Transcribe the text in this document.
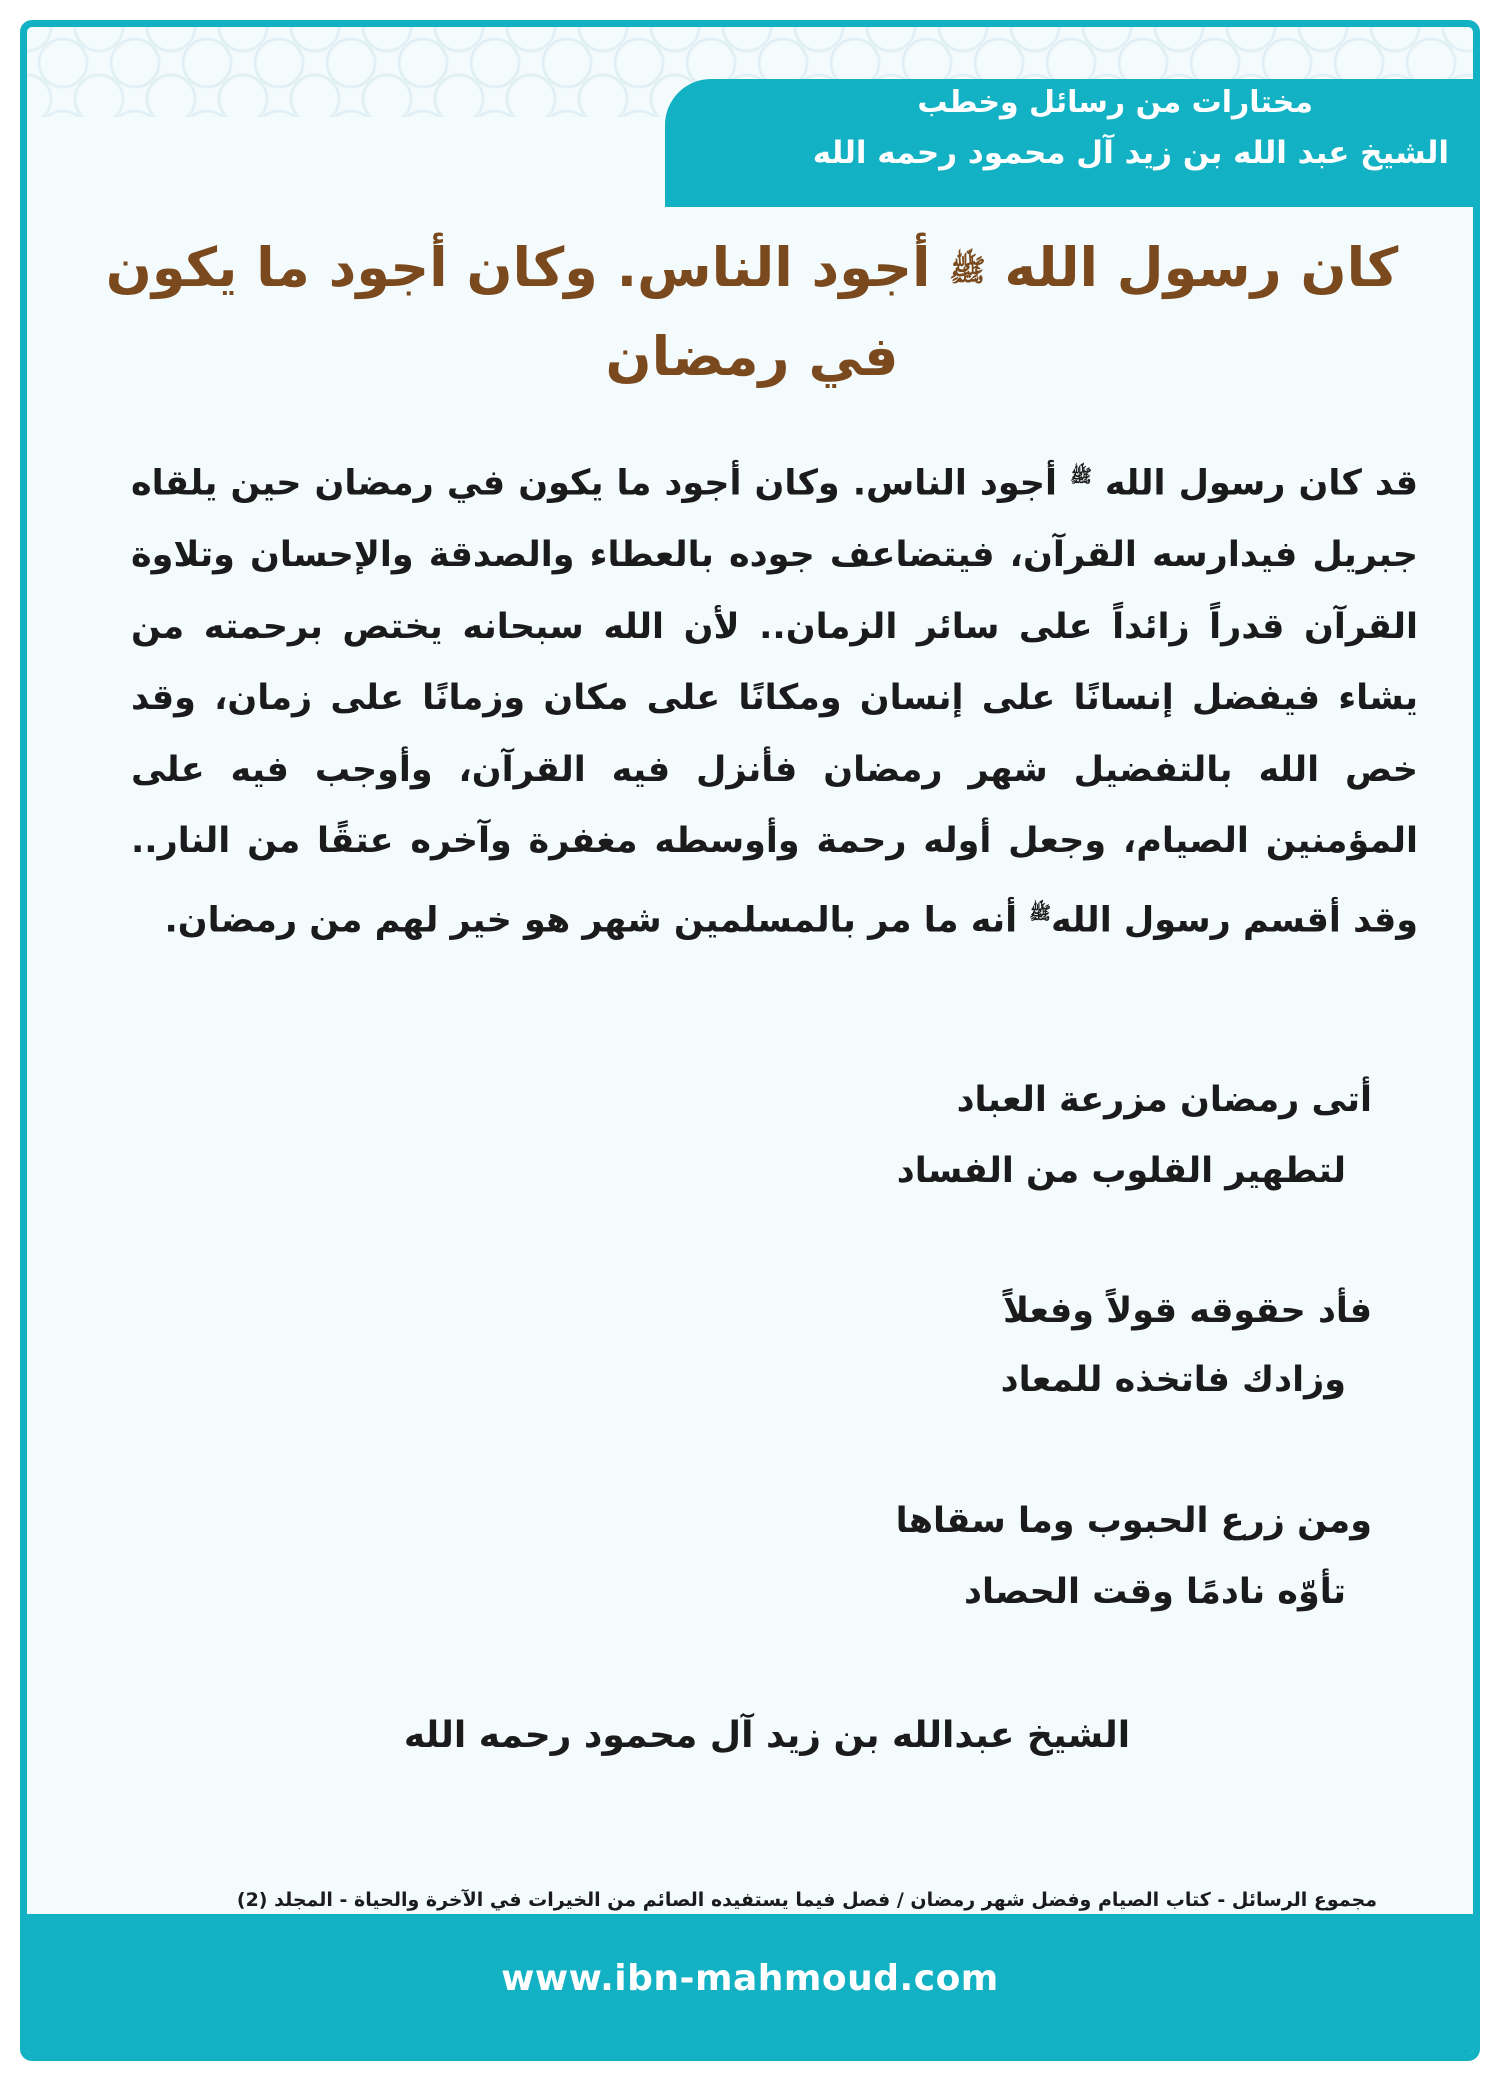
مختارات من رسائل وخطب
الشيخ عبد الله بن زيد آل محمود رحمه الله
كان رسول الله ﷺ أجود الناس. وكان أجود ما يكون في رمضان
قد كان رسول الله $^ﷺ$ أجود الناس. وكان أجود ما يكون في رمضان حين يلقاه جبريل فيدارسه القرآن، فيتضاعف جوده بالعطاء والصدقة والإحسان وتلاوة القرآن قدراً زائداً على سائر الزمان.. لأن الله سبحانه يختص برحمته من يشاء فيفضل إنسانًا على إنسان ومكانًا على مكان وزمانًا على زمان، وقد خص الله بالتفضيل شهر رمضان فأنزل فيه القرآن، وأوجب فيه على المؤمنين الصيام، وجعل أوله رحمة وأوسطه مغفرة وآخره عتقًا من النار.. وقد أقسم رسول الله$^ﷺ$ أنه ما مر بالمسلمين شهر هو خير لهم من رمضان.
أتى رمضان مزرعة العباد
لتطهير القلوب من الفساد
فأد حقوقه قولاً وفعلاً
وزادك فاتخذه للمعاد
ومن زرع الحبوب وما سقاها
تأوّه نادمًا وقت الحصاد
الشيخ عبدالله بن زيد آل محمود رحمه الله
مجموع الرسائل - كتاب الصيام وفضل شهر رمضان / فصل فيما يستفيده الصائم من الخيرات في الآخرة والحياة - المجلد (2)
www.ibn-mahmoud.com
